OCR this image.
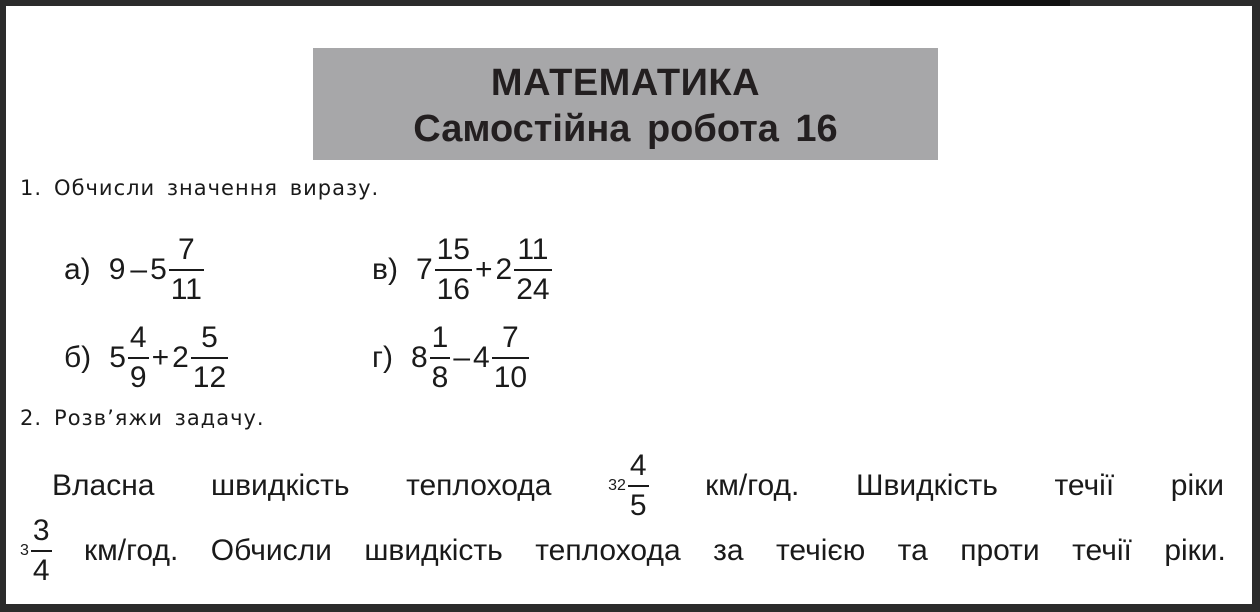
МАТЕМАТИКА
Самостійна робота 16
1. Обчисли значення виразу.
а) $9 - 5 \frac{7}{11}$
б) $5 \frac{4}{9} + 2 \frac{5}{12}$
в) $7 \frac{15}{16} + 2 \frac{11}{24}$
г) $8 \frac{1}{8} - 4 \frac{7}{10}$
2. Розв’яжи задачу.
Власна швидкість теплохода	$32 \frac{4}{5} км/год$. Швидкість течії ріки
$3 \frac{3}{4} км/год$. Обчисли швидкість теплохода за течією та проти течії ріки.
